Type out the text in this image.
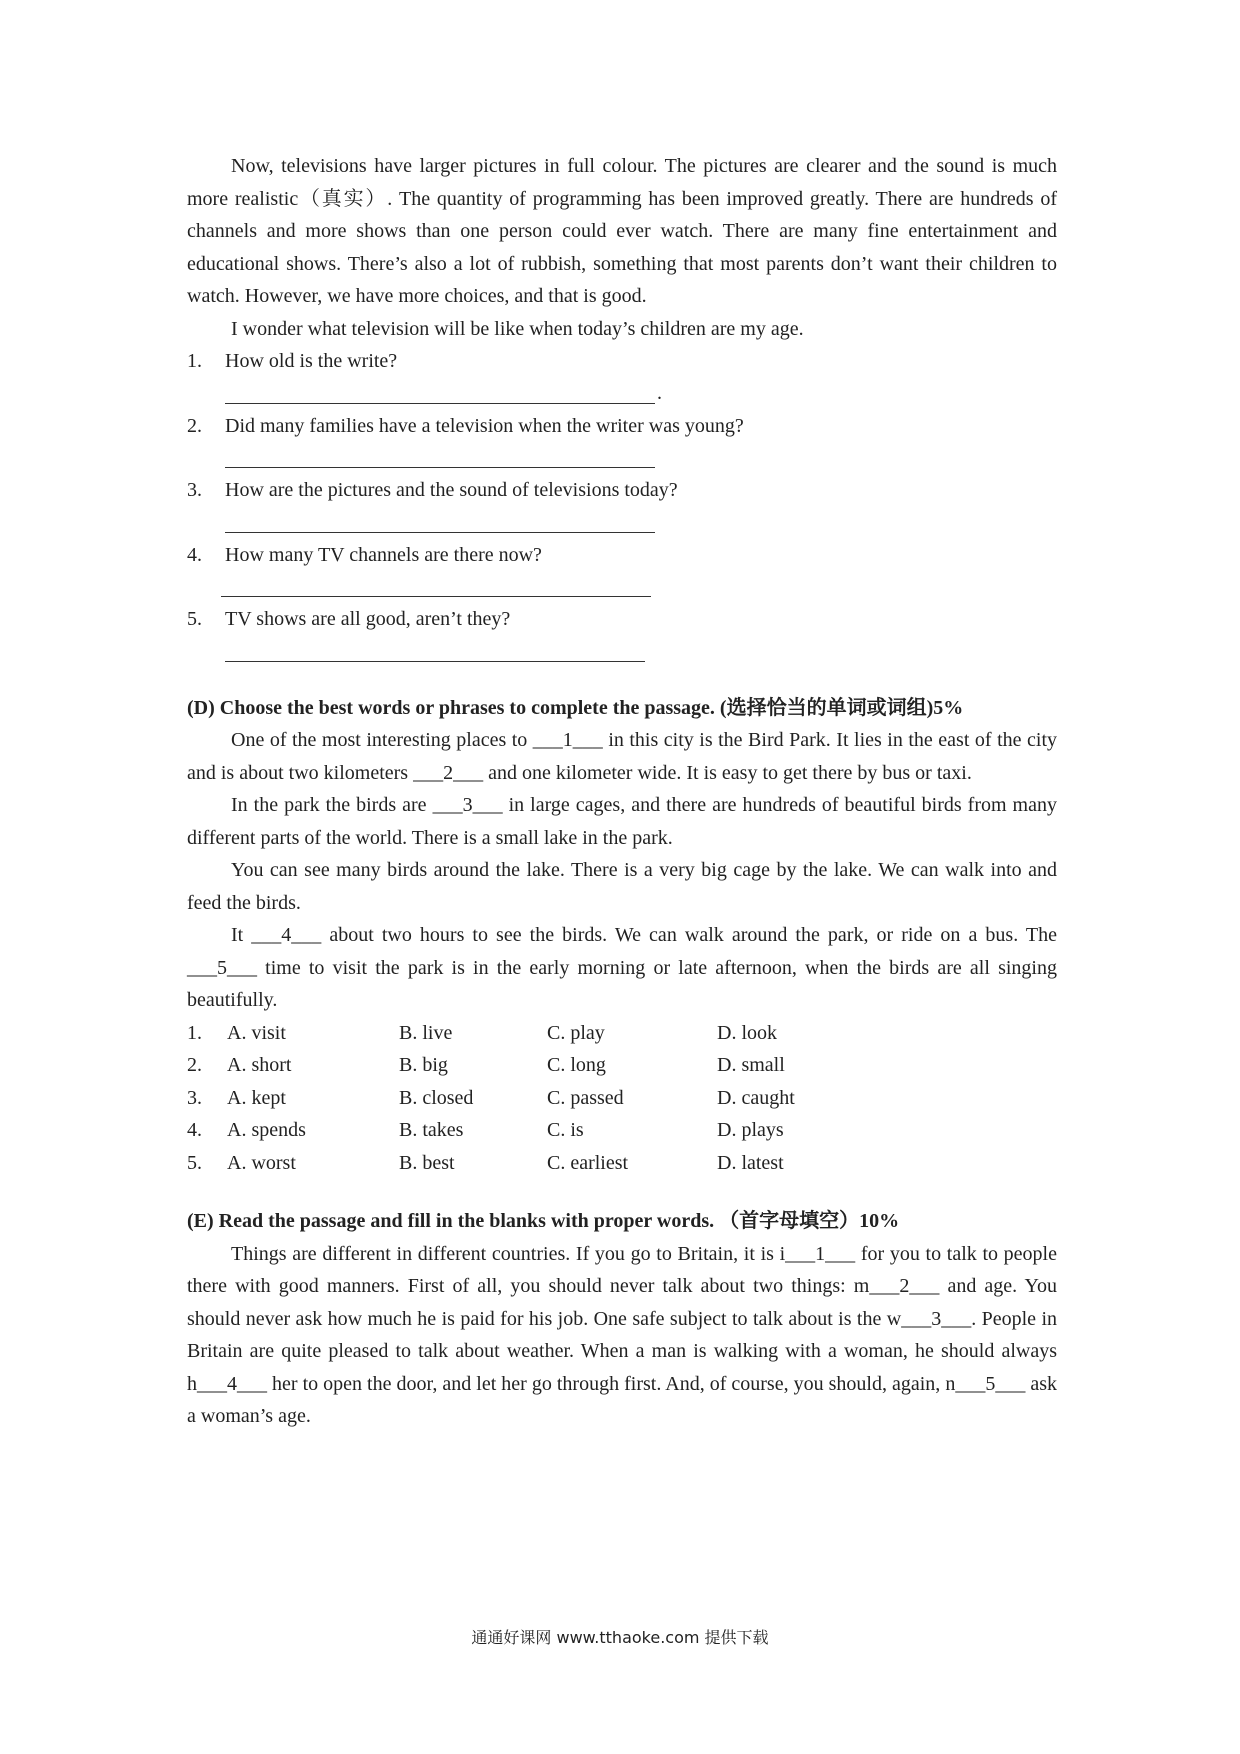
Now, televisions have larger pictures in full colour. The pictures are clearer and the sound is much more realistic（真实）. The quantity of programming has been improved greatly. There are hundreds of channels and more shows than one person could ever watch. There are many fine entertainment and educational shows. There’s also a lot of rubbish, something that most parents don’t want their children to watch. However, we have more choices, and that is good.

I wonder what television will be like when today’s children are my age.

1.	How old is the write?
.
2.	Did many families have a television when the writer was young?
3.	How are the pictures and the sound of televisions today?
4.	How many TV channels are there now?
5.	TV shows are all good, aren’t they?

(D) Choose the best words or phrases to complete the passage. (选择恰当的单词或词组)5%

One of the most interesting places to ___1___ in this city is the Bird Park. It lies in the east of the city and is about two kilometers ___2___ and one kilometer wide. It is easy to get there by bus or taxi.

In the park the birds are ___3___ in large cages, and there are hundreds of beautiful birds from many different parts of the world. There is a small lake in the park.

You can see many birds around the lake. There is a very big cage by the lake. We can walk into and feed the birds.

It ___4___ about two hours to see the birds. We can walk around the park, or ride on a bus. The ___5___ time to visit the park is in the early morning or late afternoon, when the birds are all singing beautifully.

1.	A. visit	B. live	C. play	D. look
2.	A. short	B. big	C. long	D. small
3.	A. kept	B. closed	C. passed	D. caught
4.	A. spends	B. takes	C. is	D. plays
5.	A. worst	B. best	C. earliest	D. latest

(E) Read the passage and fill in the blanks with proper words. （首字母填空）10%

Things are different in different countries. If you go to Britain, it is i___1___ for you to talk to people there with good manners. First of all, you should never talk about two things: m___2___ and age. You should never ask how much he is paid for his job. One safe subject to talk about is the w___3___. People in Britain are quite pleased to talk about weather. When a man is walking with a woman, he should always h___4___ her to open the door, and let her go through first. And, of course, you should, again, n___5___ ask a woman’s age.

通通好课网 www.tthaoke.com 提供下载
